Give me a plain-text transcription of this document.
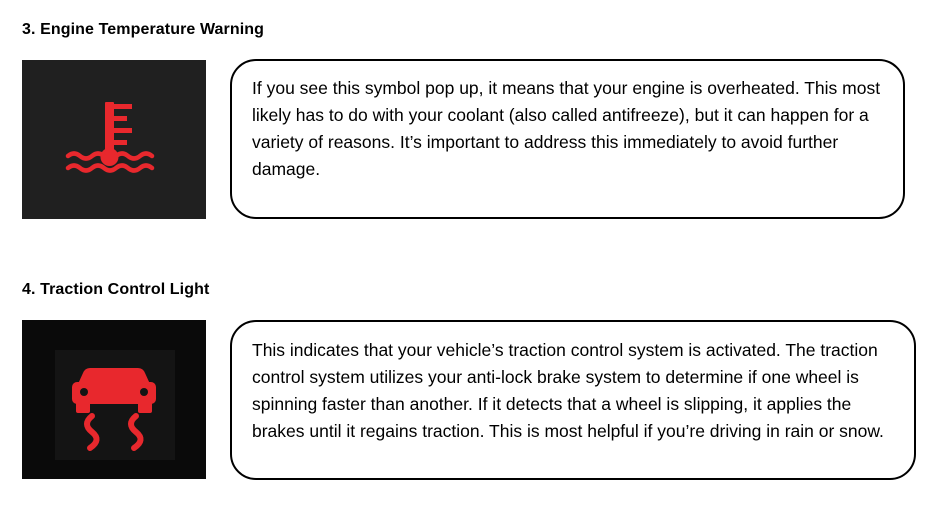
3. Engine Temperature Warning

If you see this symbol pop up, it means that your engine is overheated. This most likely has to do with your coolant (also called antifreeze), but it can happen for a variety of reasons. It’s important to address this immediately to avoid further damage.

4. Traction Control Light

This indicates that your vehicle’s traction control system is activated. The traction control system utilizes your anti-lock brake system to determine if one wheel is spinning faster than another. If it detects that a wheel is slipping, it applies the brakes until it regains traction. This is most helpful if you’re driving in rain or snow.
